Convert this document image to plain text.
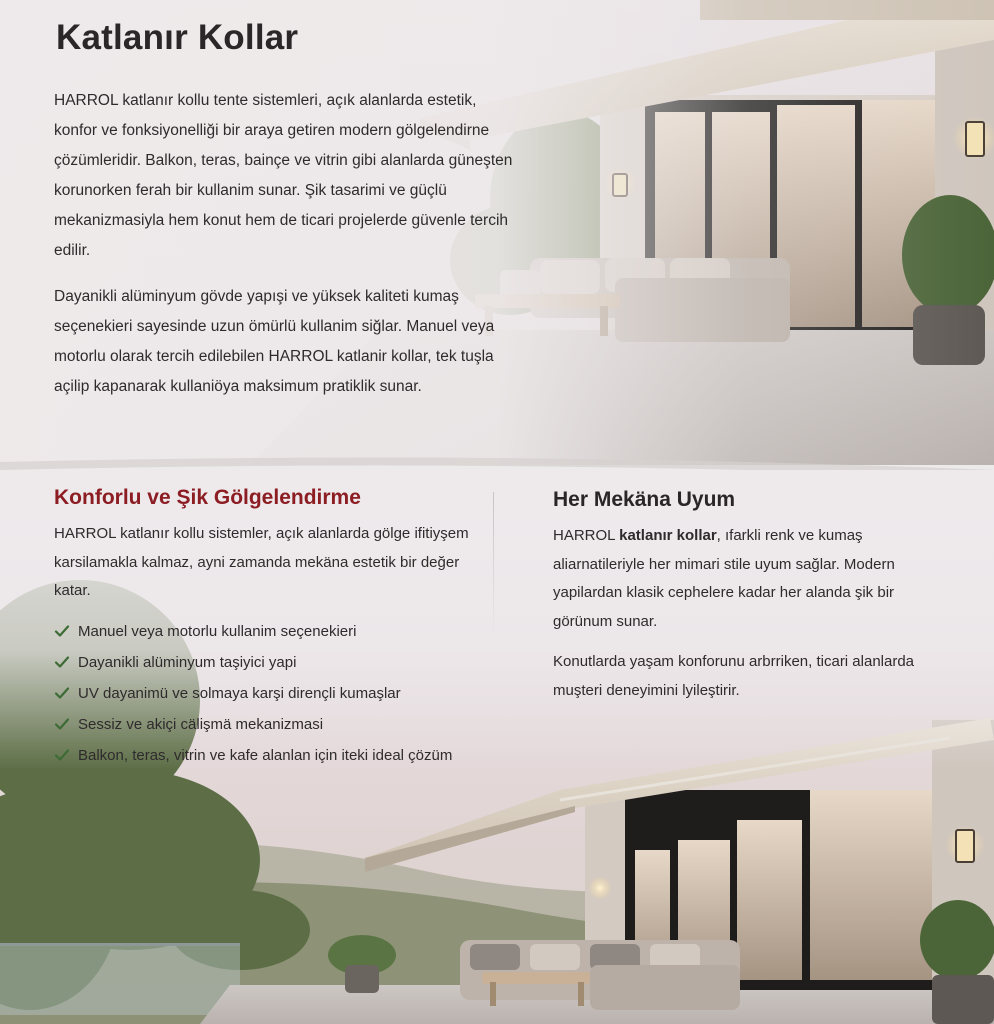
Katlanır Kollar

HARROL katlanır kollu tente sistemleri, açık alanlarda estetik, konfor ve fonksiyonelliği bir araya getiren modern gölgelendirne çözümleridir. Balkon, teras, bainçe ve vitrin gibi alanlarda güneşten korunorken ferah bir kullanim sunar. Şik tasarimi ve güçlü mekanizmasiyla hem konut hem de ticari projelerde güvenle tercih edilir.

Dayanikli alüminyum gövde yapışi ve yüksek kaliteti kumaş seçenekieri sayesinde uzun ömürlü kullanim siğlar. Manuel veya motorlu olarak tercih edilebilen HARROL katlanir kollar, tek tuşla açilip kapanarak kullaniöya maksimum pratiklik sunar.

Konforlu ve Şik Gölgelendirme

HARROL katlanır kollu sistemler, açık alanlarda gölge ifitiyşem karsilamakla kalmaz, ayni zamanda mekäna estetik bir değer katar.

Manuel veya motorlu kullanim seçenekieri
Dayanikli alüminyum taşiyici yapi
UV dayanimü ve solmaya karşi dirençli kumaşlar
Sessiz ve akiçi cälişmä mekanizmasi
Balkon, teras, vitrin ve kafe alanlan için iteki ideal çözüm
Her Mekäna Uyum

HARROL katlanır kollar, ıfarkli renk ve kumaş aliarnatileriyle her mimari stile uyum sağlar. Modern yapilardan klasik cephelere kadar her alanda şik bir görünum sunar.

Konutlarda yaşam konforunu arbrriken, ticari alanlarda muşteri deneyimini lyileştirir.
